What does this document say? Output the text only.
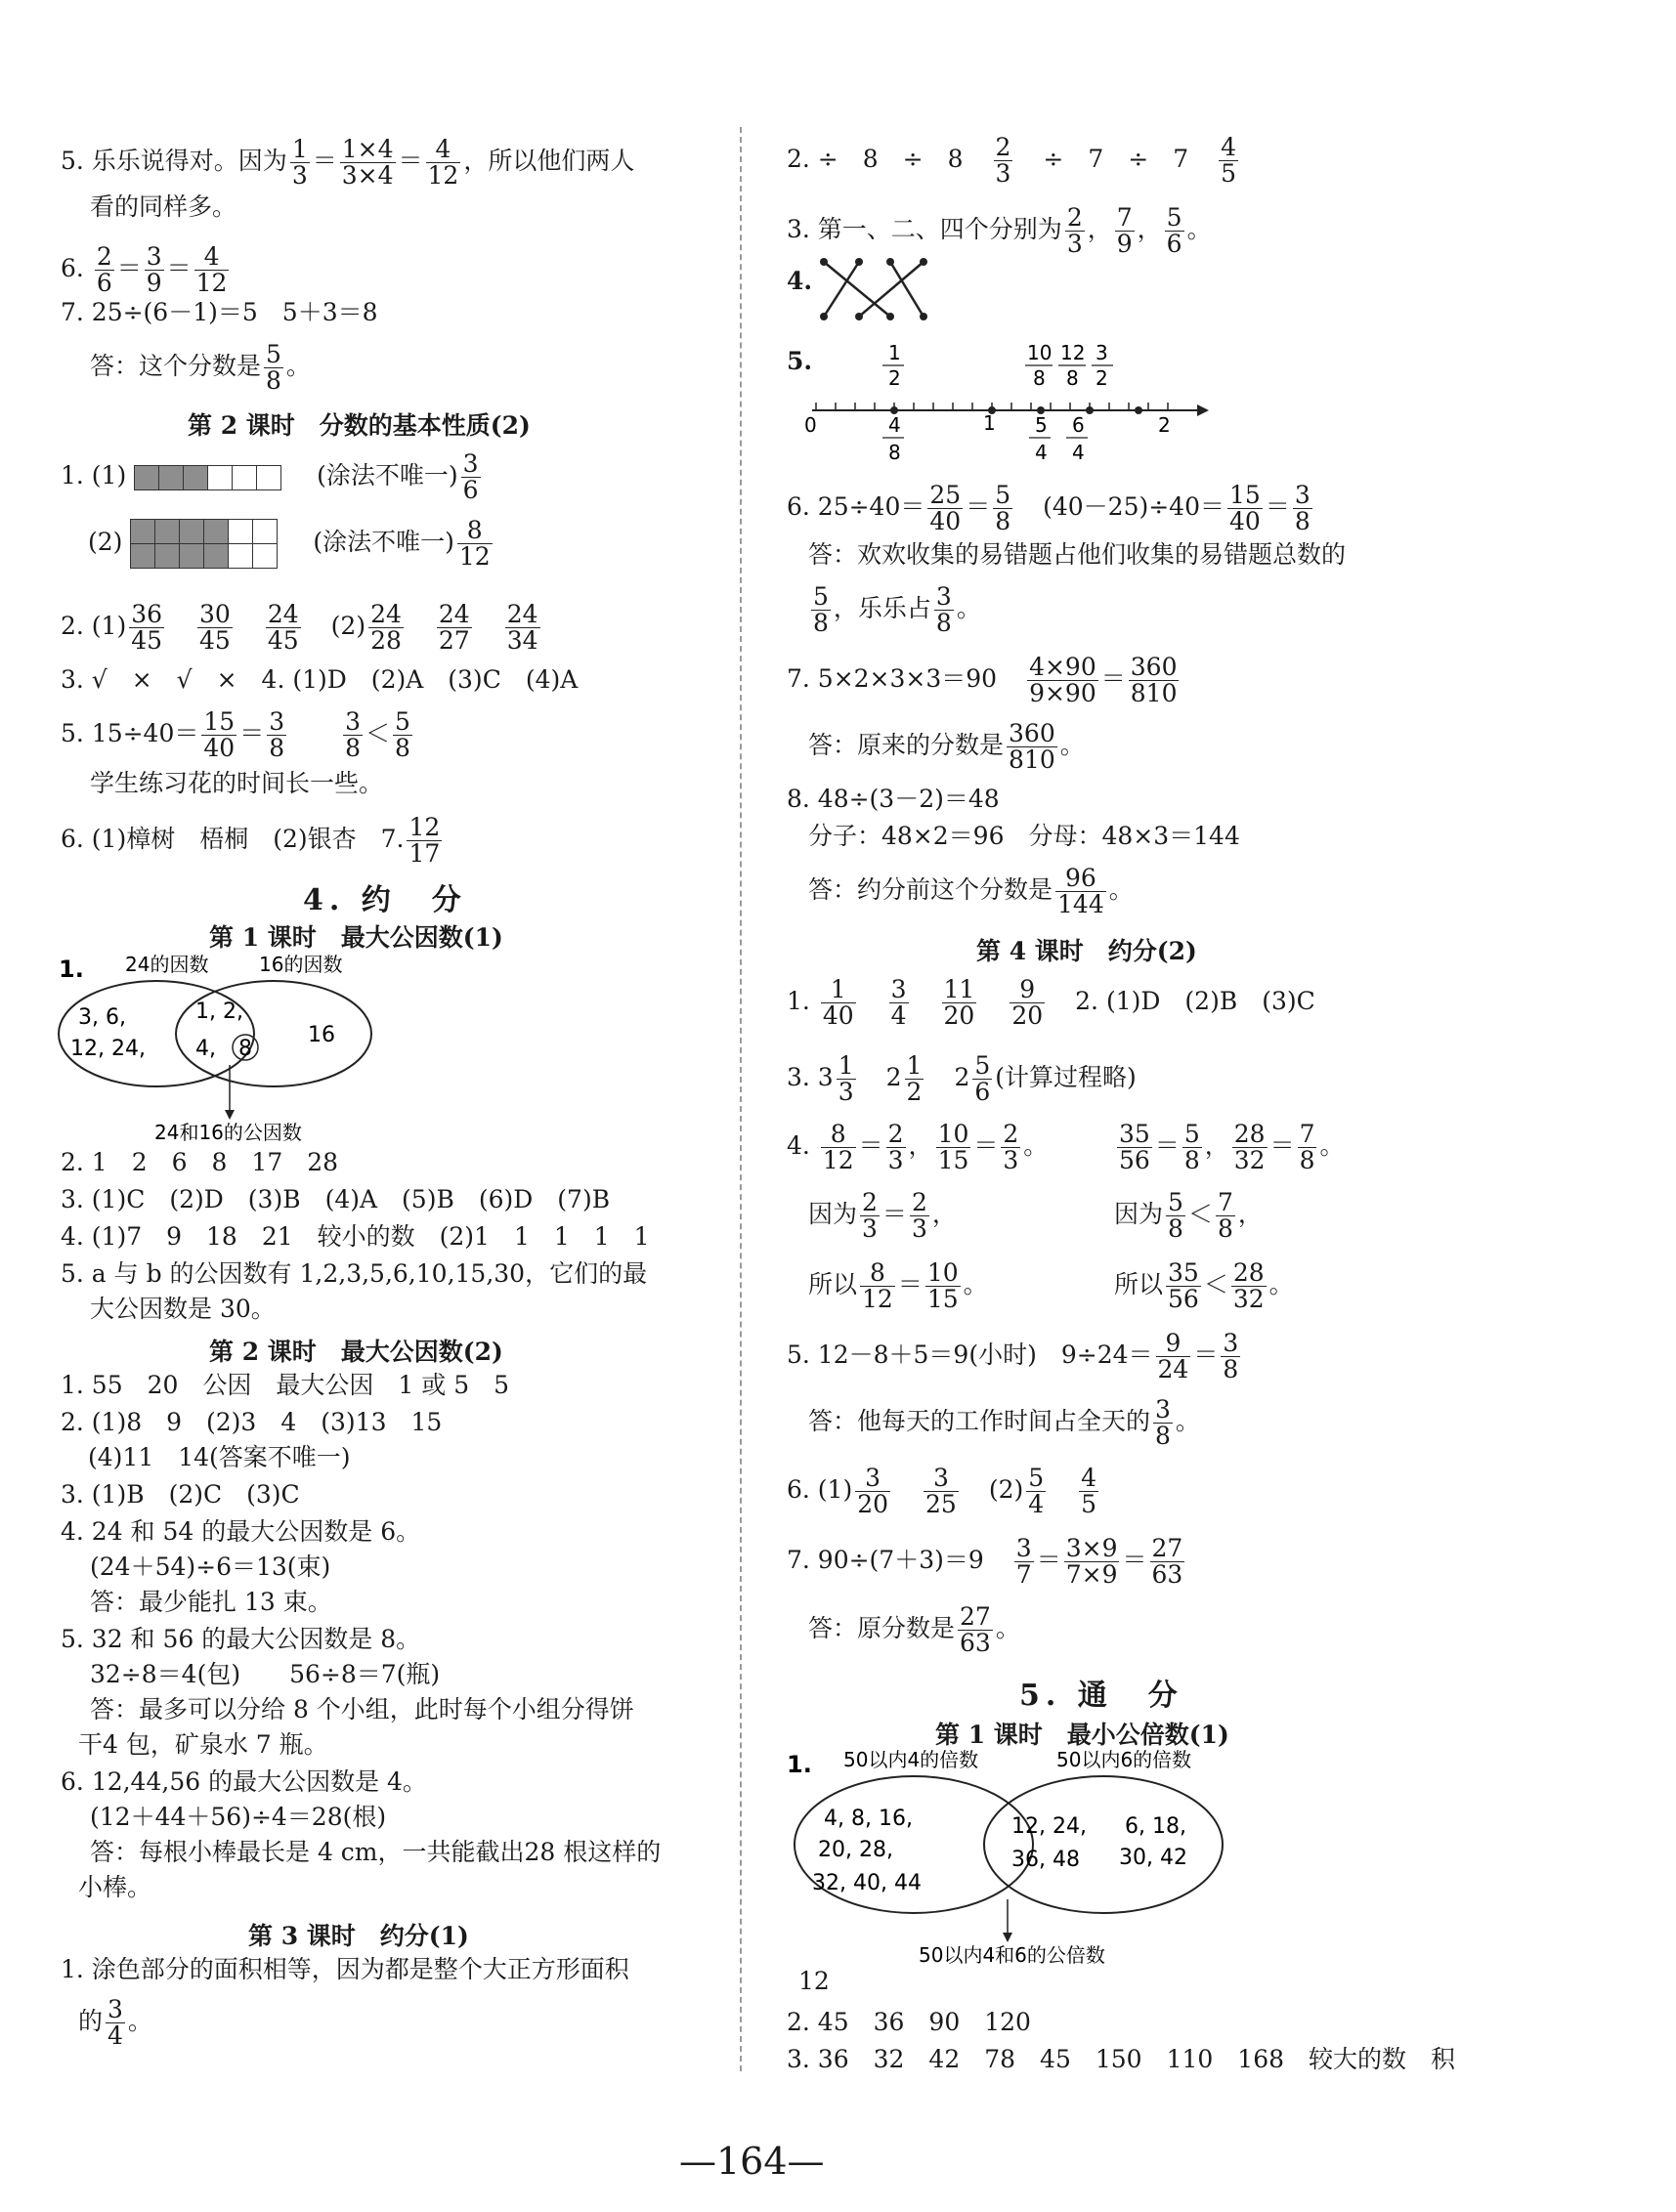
5. 乐乐说得对。因为 $\frac{1}{3} = \frac{1\times 4}{3\times 4} = \frac{4}{12}$ ，所以他们两人
看的同样多。
6. $\frac{2}{6} = \frac{3}{9} = \frac{4}{12}$
7. 25÷(6－1)＝5　5＋3＝8
答：这个分数是 $\frac{5}{8}$ 。
第 2 课时　分数的基本性质(2)
1. (1)						(涂法不唯一) $\frac{3}{6}$
(2)					
						(涂法不唯一) $\frac{8}{12}$
2. $(1) \frac{36}{45} \frac{30}{45} \frac{24}{45} (2) \frac{24}{28} \frac{24}{27} \frac{24}{34}$
3. √　×　√　×　4. (1)D　(2)A　(3)C　(4)A
5. $15\div 40= \frac{15}{40} = \frac{3}{8} \frac{3}{8} < \frac{5}{8}$
学生练习花的时间长一些。
6. (1)樟树　梧桐　(2)银杏　7. $\frac{12}{17}$
4. 约　分
第 1 课时　最大公因数(1)
1. 24的因数	16的因数
3, 6,
12, 24,
1, 2,
4, 8
16
24和16的公因数
2. 1　2　6　8　17　28
3. (1)C　(2)D　(3)B　(4)A　(5)B　(6)D　(7)B
4. (1)7　9　18　21　较小的数　(2)1　1　1　1　1
5. a 与 b 的公因数有 1,2,3,5,6,10,15,30，它们的最
大公因数是 30。
第 2 课时　最大公因数(2)
1. 55　20　公因　最大公因　1 或 5　5
2. (1)8　9　(2)3　4　(3)13　15
(4)11　14(答案不唯一)
3. (1)B　(2)C　(3)C
4. 24 和 54 的最大公因数是 6。
(24＋54)÷6＝13(束)
答：最少能扎 13 束。
5. 32 和 56 的最大公因数是 8。
32÷8＝4(包)　　56÷8＝7(瓶)
答：最多可以分给 8 个小组，此时每个小组分得饼
干4 包，矿泉水 7 瓶。
6. 12,44,56 的最大公因数是 4。
(12＋44＋56)÷4＝28(根)
答：每根小棒最长是 4 cm，一共能截出28 根这样的
小棒。
第 3 课时　约分(1)
1. 涂色部分的面积相等，因为都是整个大正方形面积
的 $\frac{3}{4}$ 。
2. ÷　8　÷　$8 \frac{2}{3}$ ÷　7　÷　$7 \frac{4}{5}$
3. 第一、二、四个分别为 $\frac{2}{3}$ ， $\frac{7}{9}$ ， $\frac{5}{6}$ 。
4.
5.
0	1	2
1
2
10
8
12
8
3
2
4
8
5
4
6
4
6. $25\div 40= \frac{25}{40} = \frac{5}{8} (40-25)\div 40= \frac{15}{40} = \frac{3}{8}$
答：欢欢收集的易错题占他们收集的易错题总数的
$\frac{5}{8}$ ，乐乐占 $\frac{3}{8}$ 。
7. $5\times 2\times 3\times 3=90 \frac{4\times 90}{9\times 90} = \frac{360}{810}$
答：原来的分数是 $\frac{360}{810}$ 。
8. 48÷(3－2)＝48
分子：48×2＝96　分母：48×3＝144
答：约分前这个分数是 $\frac{96}{144}$ 。
第 4 课时　约分(2)
1. $\frac{1}{40} \frac{3}{4} \frac{11}{20} \frac{9}{20} 2$. (1)D　(2)B　(3)C
3. $3 \frac{1}{3} 2 \frac{1}{2} 2 \frac{5}{6}$ (计算过程略)
4. $\frac{8}{12} = \frac{2}{3}$ ， $\frac{10}{15} = \frac{2}{3}$ 。	$\frac{35}{56} = \frac{5}{8}$ ， $\frac{28}{32} = \frac{7}{8}$ 。
因为 $\frac{2}{3} = \frac{2}{3}$ ，	因为 $\frac{5}{8} < \frac{7}{8}$ ，
所以 $\frac{8}{12} = \frac{10}{15}$ 。	所以 $\frac{35}{56} < \frac{28}{32}$ 。
5. 12－8＋5＝9(小时)　$9\div 24= \frac{9}{24} = \frac{3}{8}$
答：他每天的工作时间占全天的 $\frac{3}{8}$ 。
6. $(1) \frac{3}{20} \frac{3}{25} (2) \frac{5}{4} \frac{4}{5}$
7. $90\div(7+3)=9 \frac{3}{7} = \frac{3\times 9}{7\times 9} = \frac{27}{63}$
答：原分数是 $\frac{27}{63}$ 。
5. 通　分
第 1 课时　最小公倍数(1)
1. 50以内4的倍数	50以内6的倍数
4, 8, 16,
20, 28,
32, 40, 44
12, 24,
36, 48
6, 18,
30, 42
50以内4和6的公倍数
12
2. 45　36　90　120
3. 36　32　42　78　45　150　110　168　较大的数　积
—164—
